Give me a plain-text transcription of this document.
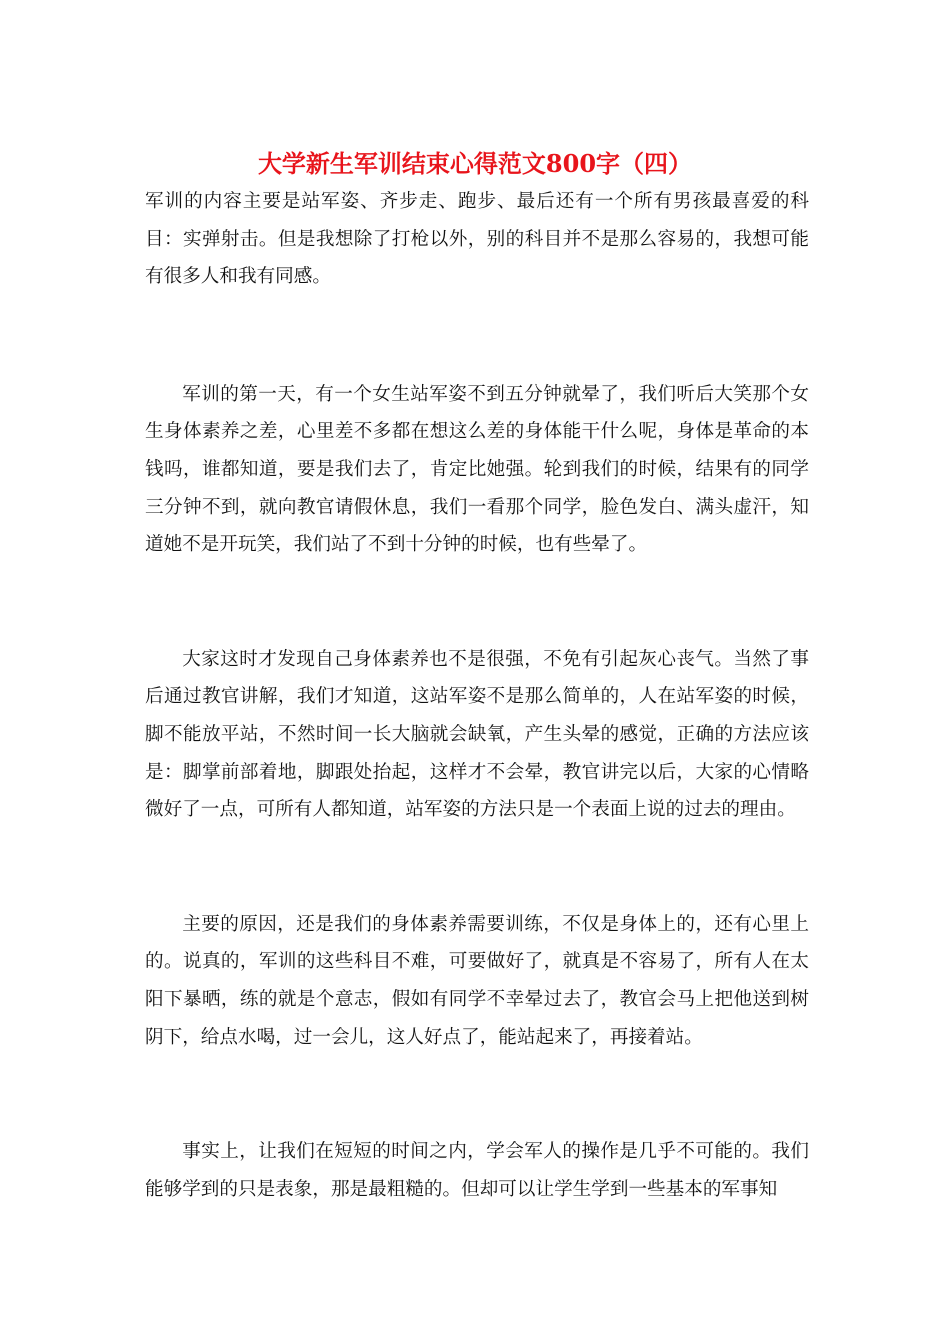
大学新生军训结束心得范文800字（四）

军训的内容主要是站军姿、齐步走、跑步、最后还有一个所有男孩最喜爱的科目：实弹射击。但是我想除了打枪以外，别的科目并不是那么容易的，我想可能有很多人和我有同感。

军训的第一天，有一个女生站军姿不到五分钟就晕了，我们听后大笑那个女生身体素养之差，心里差不多都在想这么差的身体能干什么呢，身体是革命的本钱吗，谁都知道，要是我们去了，肯定比她强。轮到我们的时候，结果有的同学三分钟不到，就向教官请假休息，我们一看那个同学，脸色发白、满头虚汗，知道她不是开玩笑，我们站了不到十分钟的时候，也有些晕了。

大家这时才发现自己身体素养也不是很强，不免有引起灰心丧气。当然了事后通过教官讲解，我们才知道，这站军姿不是那么简单的，人在站军姿的时候，脚不能放平站，不然时间一长大脑就会缺氧，产生头晕的感觉，正确的方法应该是：脚掌前部着地，脚跟处抬起，这样才不会晕，教官讲完以后，大家的心情略微好了一点，可所有人都知道，站军姿的方法只是一个表面上说的过去的理由。

主要的原因，还是我们的身体素养需要训练，不仅是身体上的，还有心里上的。说真的，军训的这些科目不难，可要做好了，就真是不容易了，所有人在太阳下暴晒，练的就是个意志，假如有同学不幸晕过去了，教官会马上把他送到树阴下，给点水喝，过一会儿，这人好点了，能站起来了，再接着站。

事实上，让我们在短短的时间之内，学会军人的操作是几乎不可能的。我们能够学到的只是表象，那是最粗糙的。但却可以让学生学到一些基本的军事知
